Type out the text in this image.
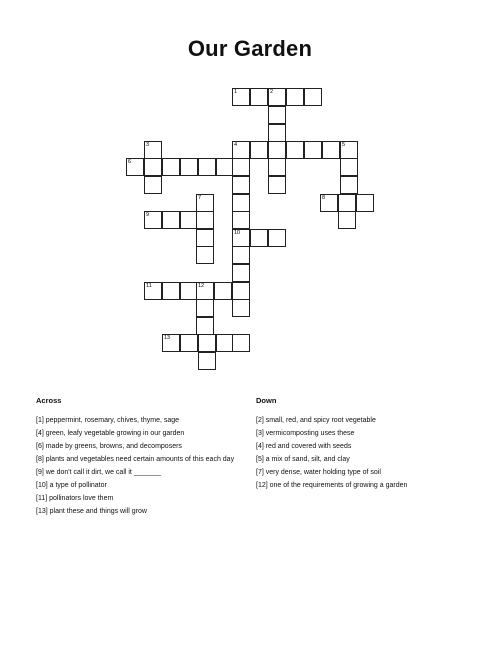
Our Garden
1	2
3	4	5
6
7	8
9
10
11	12
13
Across
[1] peppermint, rosemary, chives, thyme, sage
[4] green, leafy vegetable growing in our garden
[6] made by greens, browns, and decomposers
[8] plants and vegetables need certain amounts of this each day
[9] we don't call it dirt, we call it _______
[10] a type of pollinator
[11] pollinators love them
[13] plant these and things will grow
Down
[2] small, red, and spicy root vegetable
[3] vermicomposting uses these
[4] red and covered with seeds
[5] a mix of sand, silt, and clay
[7] very dense, water holding type of soil
[12] one of the requirements of growing a garden
